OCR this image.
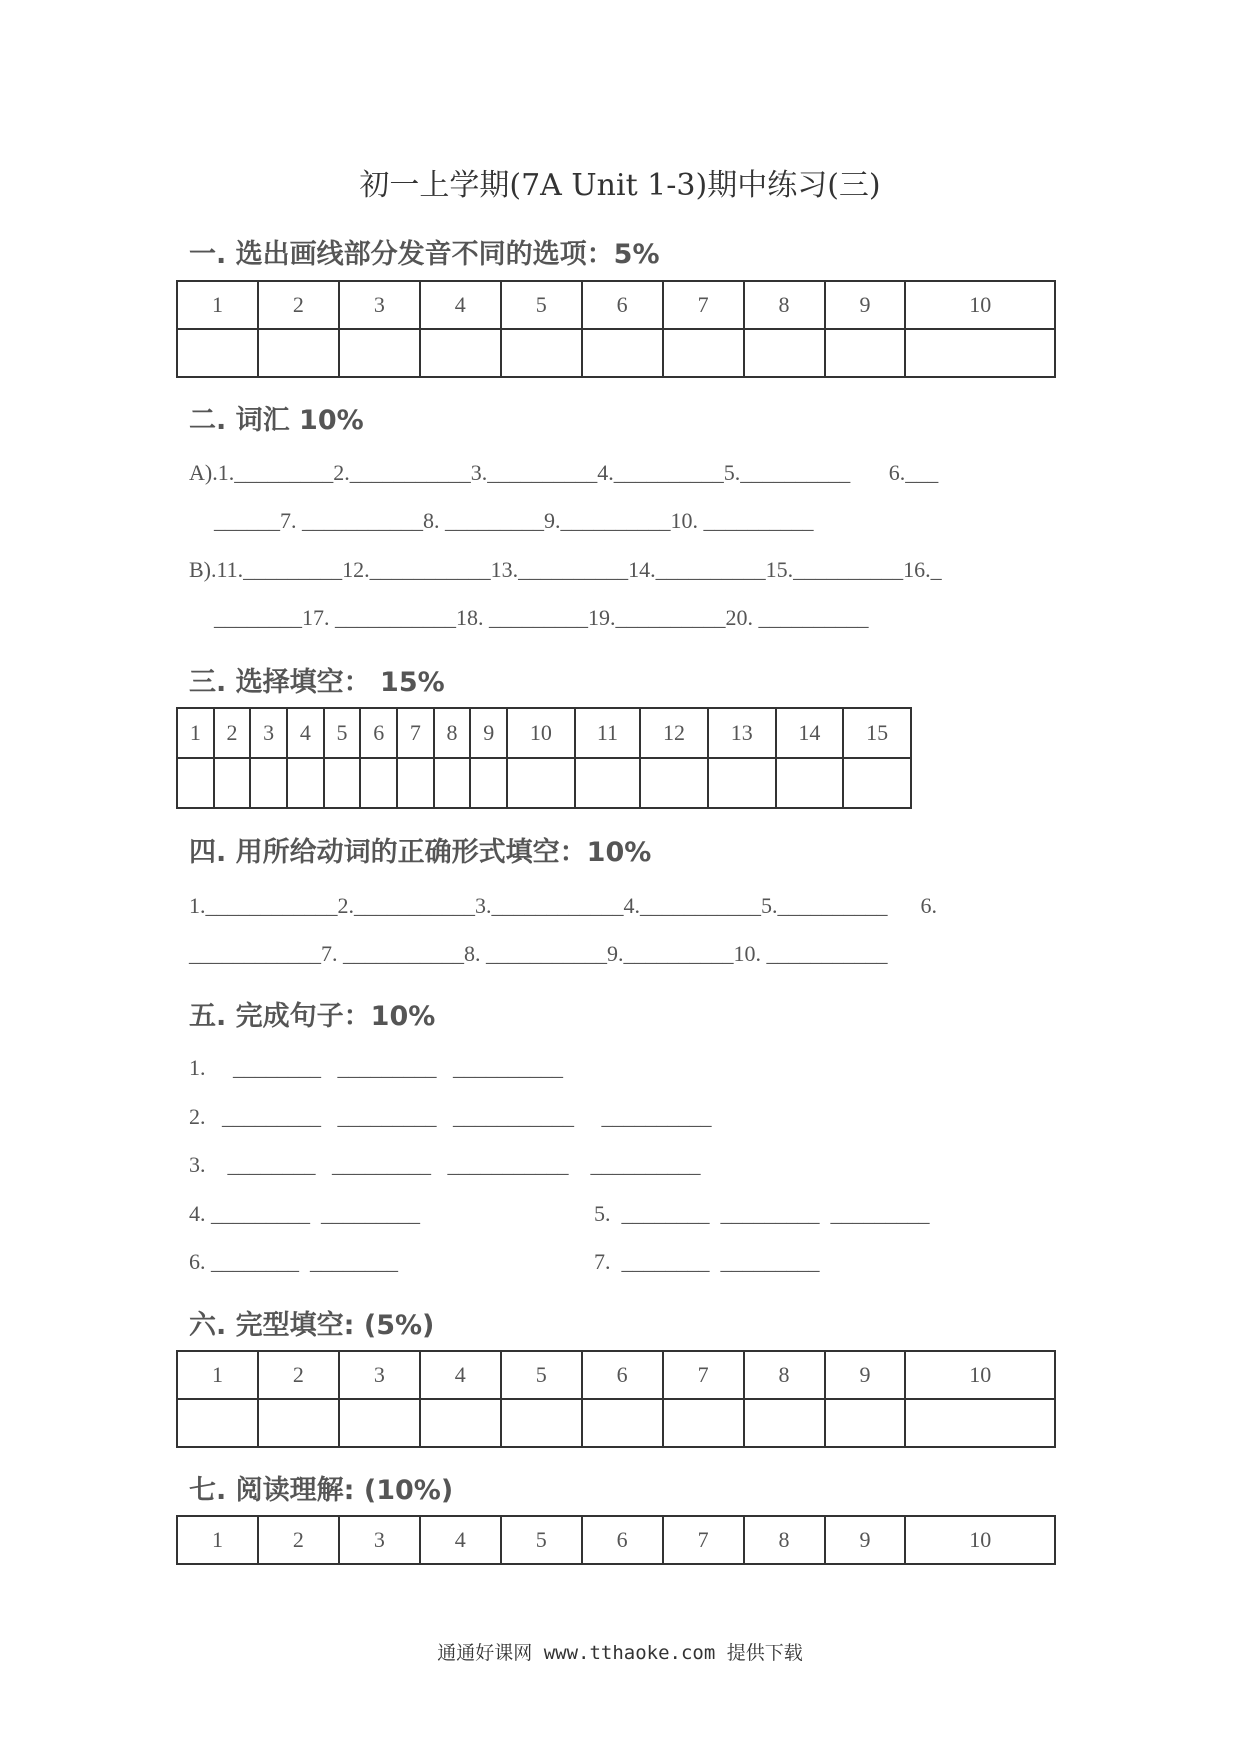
初一上学期(7A Unit 1-3)期中练习(三)
一. 选出画线部分发音不同的选项：5%
1	2	3	4	5	6	7	8	9	10

二. 词汇 10%
A).1._________2.___________3.__________4.__________5.__________       6.___
______7. ___________8. _________9.__________10. __________
B).11._________12.___________13.__________14.__________15.__________16._
________17. ___________18. _________19.__________20. __________
三. 选择填空： 15%
1	2	3	4	5	6	7	8	9	10	11	12	13	14	15

四. 用所给动词的正确形式填空：10%
1.____________2.___________3.____________4.___________5.__________      6.
____________7. ___________8. ___________9.__________10. ___________
五. 完成句子：10%
1.     ________   _________   __________
2.   _________   _________   ___________     __________
3.    ________   _________   ___________    __________
4. _________  _________	5.  ________  _________  _________
6. ________  ________	7.  ________  _________
六. 完型填空: (5%)
1	2	3	4	5	6	7	8	9	10

七. 阅读理解: (10%)
1	2	3	4	5	6	7	8	9	10
通通好课网 www.tthaoke.com 提供下载
